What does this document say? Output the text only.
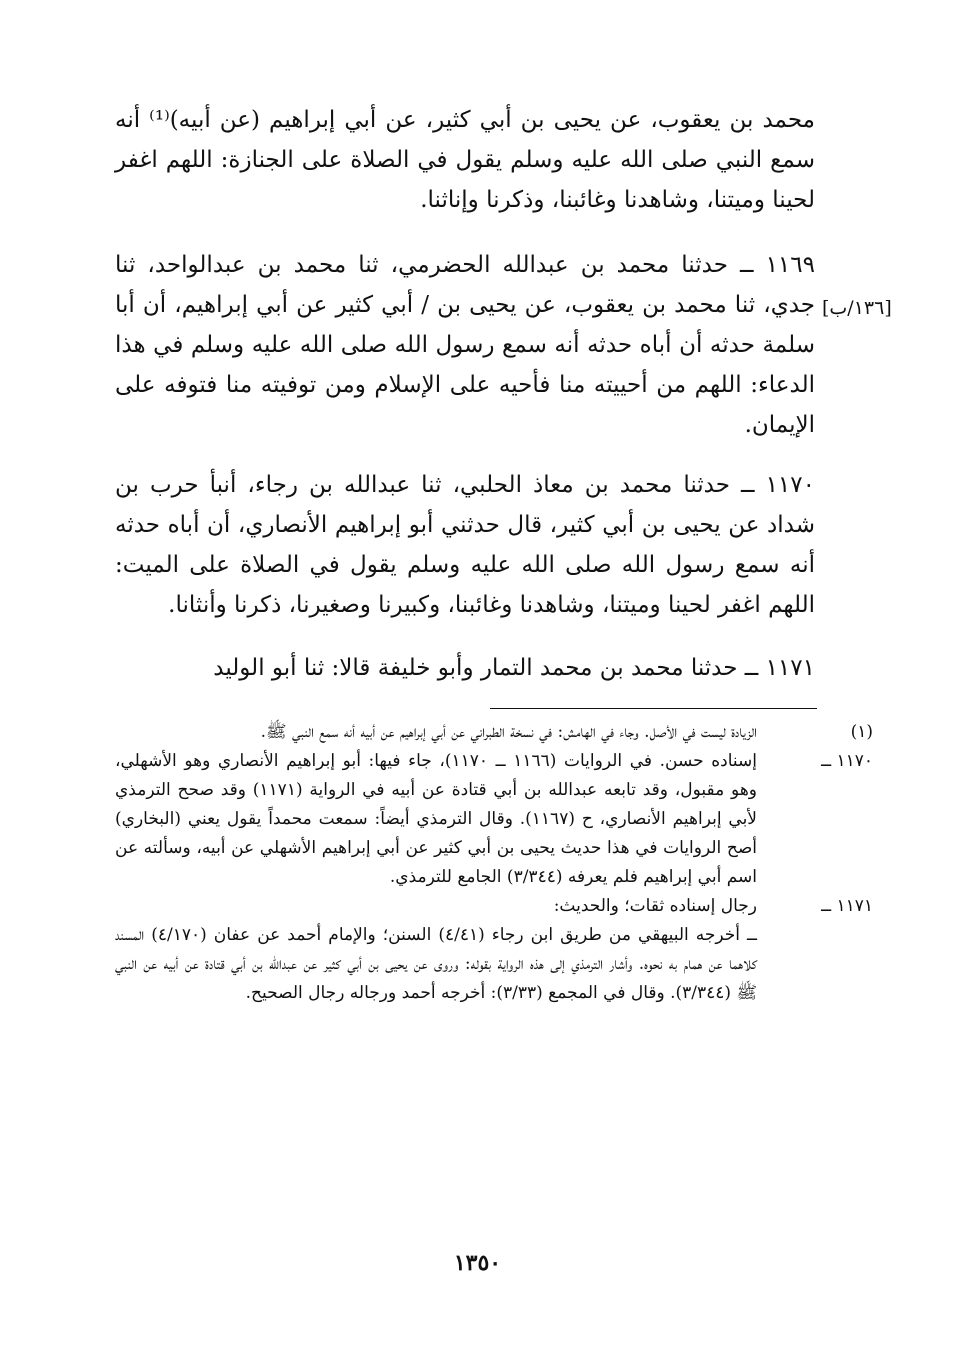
محمد بن يعقوب، عن يحيى بن أبي كثير، عن أبي إبراهيم (عن أبيه)⁽¹⁾ أنه سمع النبي صلى الله عليه وسلم يقول في الصلاة على الجنازة: اللهم اغفر لحينا وميتنا، وشاهدنا وغائبنا، وذكرنا وإناثنا.

١١٦٩ ــ حدثنا محمد بن عبدالله الحضرمي، ثنا محمد بن عبدالواحد، ثنا جدي، ثنا محمد بن يعقوب، عن يحيى بن / أبي كثير عن أبي إبراهيم، أن أبا سلمة حدثه أن أباه حدثه أنه سمع رسول الله صلى الله عليه وسلم في هذا الدعاء: اللهم من أحييته منا فأحيه على الإسلام ومن توفيته منا فتوفه على الإيمان.

[١٣٦/ب]

١١٧٠ ــ حدثنا محمد بن معاذ الحلبي، ثنا عبدالله بن رجاء، أنبأ حرب بن شداد عن يحيى بن أبي كثير، قال حدثني أبو إبراهيم الأنصاري، أن أباه حدثه أنه سمع رسول الله صلى الله عليه وسلم يقول في الصلاة على الميت: اللهم اغفر لحينا وميتنا، وشاهدنا وغائبنا، وكبيرنا وصغيرنا، ذكرنا وأنثانا.

١١٧١ ــ حدثنا محمد بن محمد التمار وأبو خليفة قالا: ثنا أبو الوليد

(١)الزيادة ليست في الأصل. وجاء في الهامش: في نسخة الطبراني عن أبي إبراهيم عن أبيه أنه سمع النبي ﷺ.

١١٧٠ ــإسناده حسن. في الروايات (١١٦٦ ــ ١١٧٠)، جاء فيها: أبو إبراهيم الأنصاري وهو الأشهلي، وهو مقبول، وقد تابعه عبدالله بن أبي قتادة عن أبيه في الرواية (١١٧١) وقد صحح الترمذي لأبي إبراهيم الأنصاري، ح (١١٦٧). وقال الترمذي أيضاً: سمعت محمداً يقول يعني (البخاري) أصح الروايات في هذا حديث يحيى بن أبي كثير عن أبي إبراهيم الأشهلي عن أبيه، وسألته عن اسم أبي إبراهيم فلم يعرفه (٣/٣٤٤) الجامع للترمذي.

١١٧١ ــرجال إسناده ثقات؛ والحديث:

ــ أخرجه البيهقي من طريق ابن رجاء (٤/٤١) السنن؛ والإمام أحمد عن عفان (٤/١٧٠) المسند كلاهما عن همام به نحوه. وأشار الترمذي إلى هذه الرواية بقوله: وروى عن يحيى بن أبي كثير عن عبدالله بن أبي قتادة عن أبيه عن النبي ﷺ (٣/٣٤٤). وقال في المجمع (٣/٣٣): أخرجه أحمد ورجاله رجال الصحيح.

١٣٥٠
